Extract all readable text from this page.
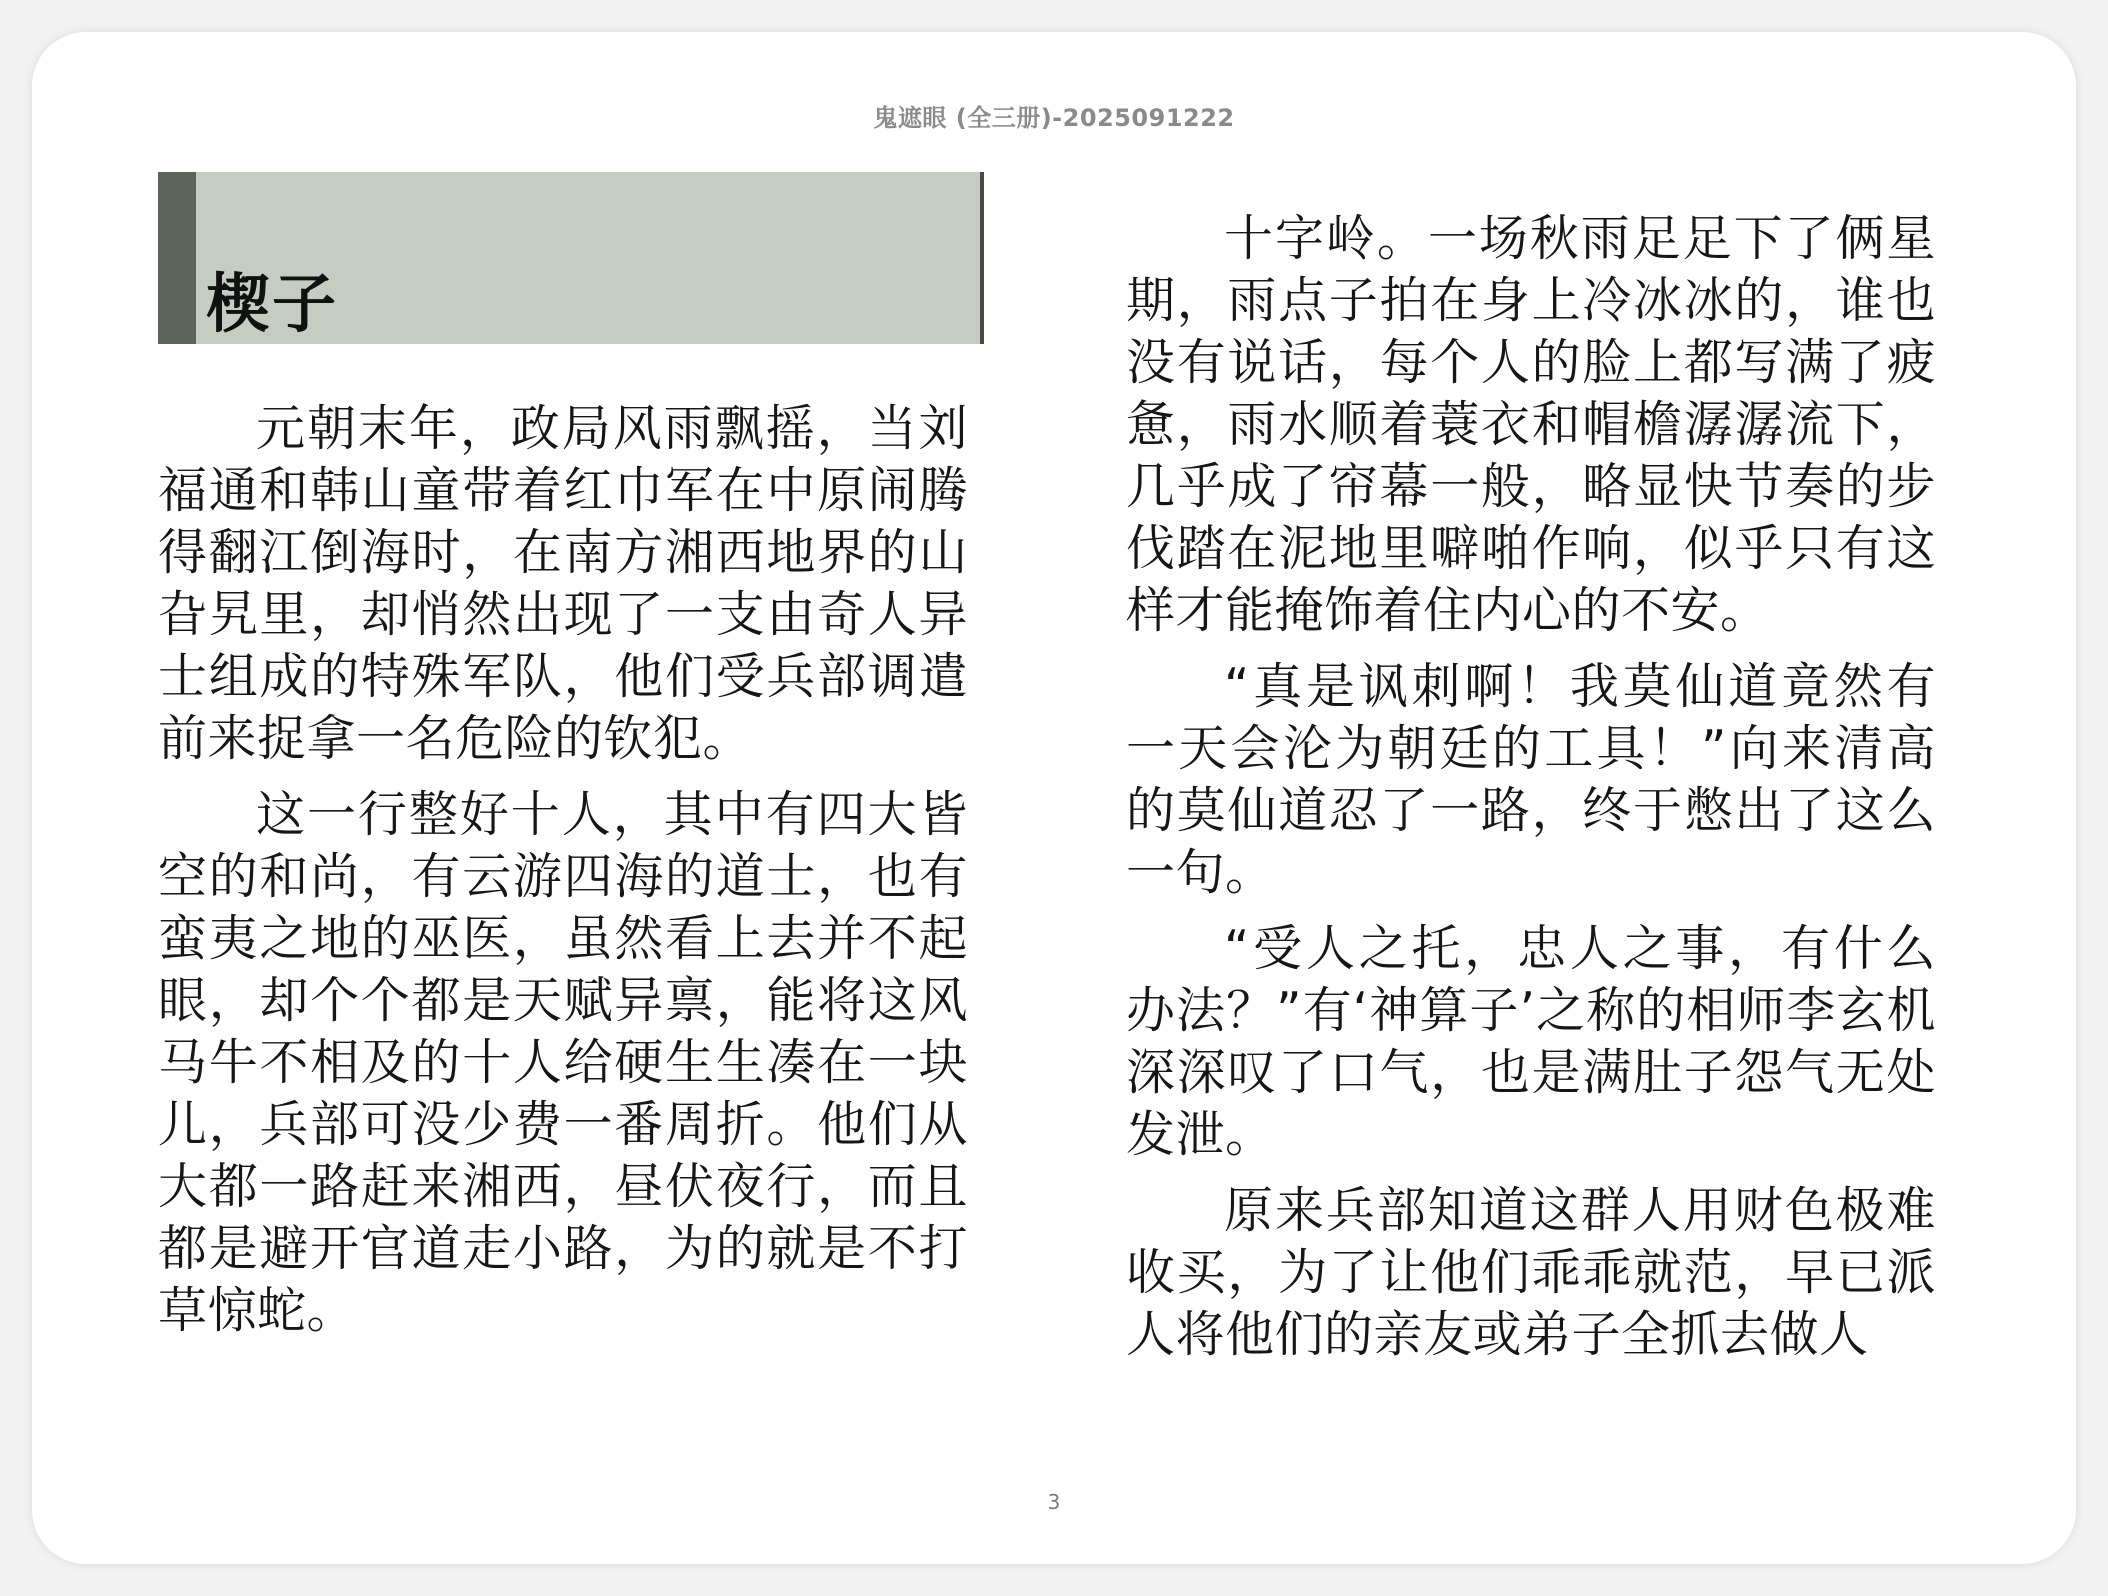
鬼遮眼 (全三册)-2025091222
楔子

元朝末年，政局风雨飘摇，当刘福通和韩山童带着红巾军在中原闹腾得翻江倒海时，在南方湘西地界的山旮旯里，却悄然出现了一支由奇人异士组成的特殊军队，他们受兵部调遣前来捉拿一名危险的钦犯。

这一行整好十人，其中有四大皆空的和尚，有云游四海的道士，也有蛮夷之地的巫医，虽然看上去并不起眼，却个个都是天赋异禀，能将这风马牛不相及的十人给硬生生凑在一块儿，兵部可没少费一番周折。他们从大都一路赶来湘西，昼伏夜行，而且都是避开官道走小路，为的就是不打草惊蛇。

十字岭。一场秋雨足足下了俩星期，雨点子拍在身上冷冰冰的，谁也没有说话，每个人的脸上都写满了疲惫，雨水顺着蓑衣和帽檐潺潺流下，几乎成了帘幕一般，略显快节奏的步伐踏在泥地里噼啪作响，似乎只有这样才能掩饰着住内心的不安。

“真是讽刺啊！我莫仙道竟然有一天会沦为朝廷的工具！”向来清高的莫仙道忍了一路，终于憋出了这么一句。

“受人之托，忠人之事，有什么办法？”有‘神算子’之称的相师李玄机深深叹了口气，也是满肚子怨气无处发泄。

原来兵部知道这群人用财色极难收买，为了让他们乖乖就范，早已派人将他们的亲友或弟子全抓去做人

3
